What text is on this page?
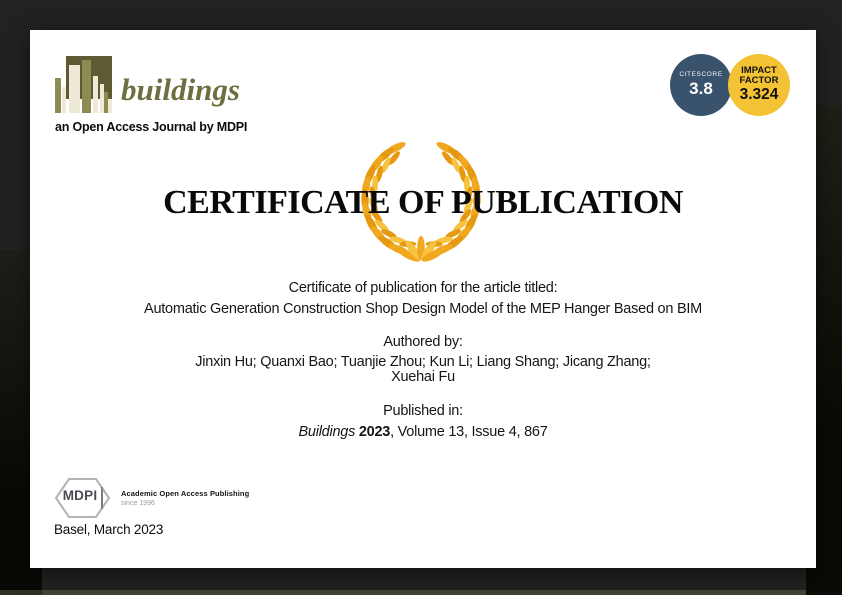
buildings
an Open Access Journal by MDPI
CITESCORE
3.8
IMPACT FACTOR
3.324
CERTIFICATE OF PUBLICATION
Certificate of publication for the article titled:
Automatic Generation Construction Shop Design Model of the MEP Hanger Based on BIM
Authored by:
Jinxin Hu; Quanxi Bao; Tuanjie Zhou; Kun Li; Liang Shang; Jicang Zhang;
Xuehai Fu
Published in:
Buildings 2023, Volume 13, Issue 4, 867
MDPI	Academic Open Access Publishing
since 1996
Basel, March 2023
